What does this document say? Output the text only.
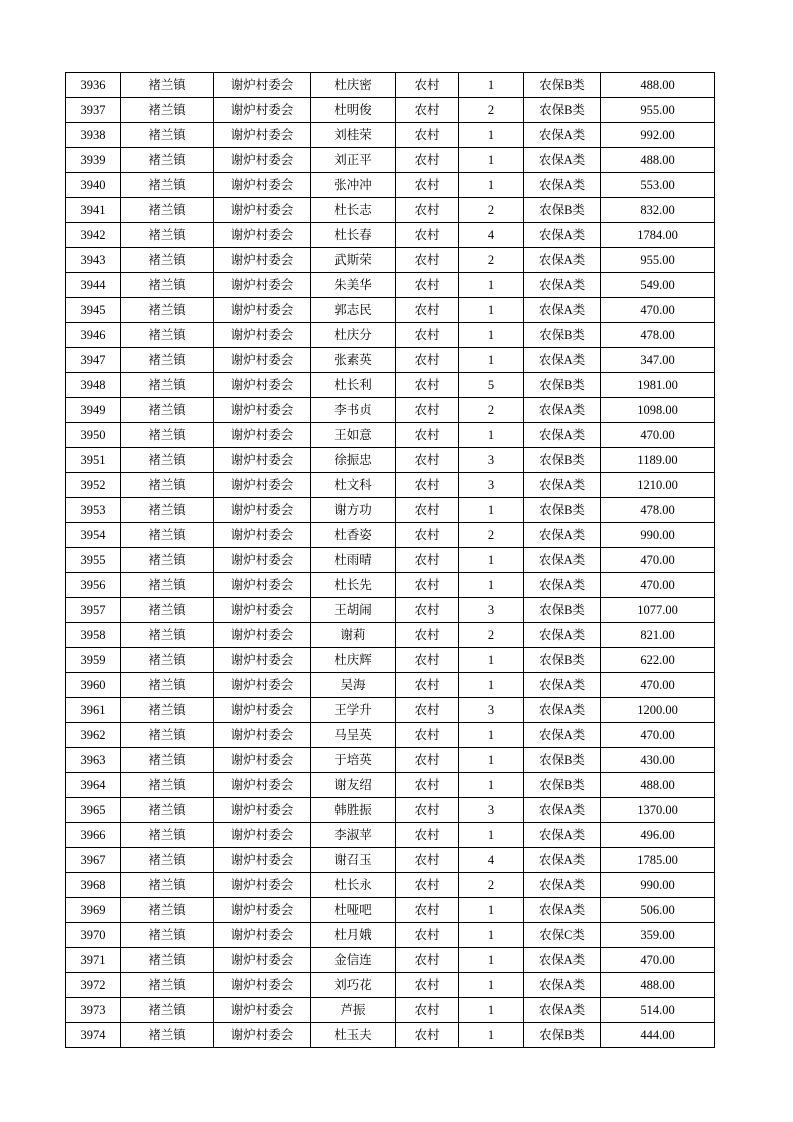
3936	褚兰镇	谢炉村委会	杜庆密	农村	1	农保B类	488.00
3937	褚兰镇	谢炉村委会	杜明俊	农村	2	农保B类	955.00
3938	褚兰镇	谢炉村委会	刘桂荣	农村	1	农保A类	992.00
3939	褚兰镇	谢炉村委会	刘正平	农村	1	农保A类	488.00
3940	褚兰镇	谢炉村委会	张冲冲	农村	1	农保A类	553.00
3941	褚兰镇	谢炉村委会	杜长志	农村	2	农保B类	832.00
3942	褚兰镇	谢炉村委会	杜长春	农村	4	农保A类	1784.00
3943	褚兰镇	谢炉村委会	武斯荣	农村	2	农保A类	955.00
3944	褚兰镇	谢炉村委会	朱美华	农村	1	农保A类	549.00
3945	褚兰镇	谢炉村委会	郭志民	农村	1	农保A类	470.00
3946	褚兰镇	谢炉村委会	杜庆分	农村	1	农保B类	478.00
3947	褚兰镇	谢炉村委会	张素英	农村	1	农保A类	347.00
3948	褚兰镇	谢炉村委会	杜长利	农村	5	农保B类	1981.00
3949	褚兰镇	谢炉村委会	李书贞	农村	2	农保A类	1098.00
3950	褚兰镇	谢炉村委会	王如意	农村	1	农保A类	470.00
3951	褚兰镇	谢炉村委会	徐振忠	农村	3	农保B类	1189.00
3952	褚兰镇	谢炉村委会	杜文科	农村	3	农保A类	1210.00
3953	褚兰镇	谢炉村委会	谢方功	农村	1	农保B类	478.00
3954	褚兰镇	谢炉村委会	杜香姿	农村	2	农保A类	990.00
3955	褚兰镇	谢炉村委会	杜雨晴	农村	1	农保A类	470.00
3956	褚兰镇	谢炉村委会	杜长先	农村	1	农保A类	470.00
3957	褚兰镇	谢炉村委会	王胡闹	农村	3	农保B类	1077.00
3958	褚兰镇	谢炉村委会	谢莉	农村	2	农保A类	821.00
3959	褚兰镇	谢炉村委会	杜庆辉	农村	1	农保B类	622.00
3960	褚兰镇	谢炉村委会	吴海	农村	1	农保A类	470.00
3961	褚兰镇	谢炉村委会	王学升	农村	3	农保A类	1200.00
3962	褚兰镇	谢炉村委会	马呈英	农村	1	农保A类	470.00
3963	褚兰镇	谢炉村委会	于培英	农村	1	农保B类	430.00
3964	褚兰镇	谢炉村委会	谢友绍	农村	1	农保B类	488.00
3965	褚兰镇	谢炉村委会	韩胜振	农村	3	农保A类	1370.00
3966	褚兰镇	谢炉村委会	李淑苹	农村	1	农保A类	496.00
3967	褚兰镇	谢炉村委会	谢召玉	农村	4	农保A类	1785.00
3968	褚兰镇	谢炉村委会	杜长永	农村	2	农保A类	990.00
3969	褚兰镇	谢炉村委会	杜哑吧	农村	1	农保A类	506.00
3970	褚兰镇	谢炉村委会	杜月娥	农村	1	农保C类	359.00
3971	褚兰镇	谢炉村委会	金信连	农村	1	农保A类	470.00
3972	褚兰镇	谢炉村委会	刘巧花	农村	1	农保A类	488.00
3973	褚兰镇	谢炉村委会	芦振	农村	1	农保A类	514.00
3974	褚兰镇	谢炉村委会	杜玉夫	农村	1	农保B类	444.00
